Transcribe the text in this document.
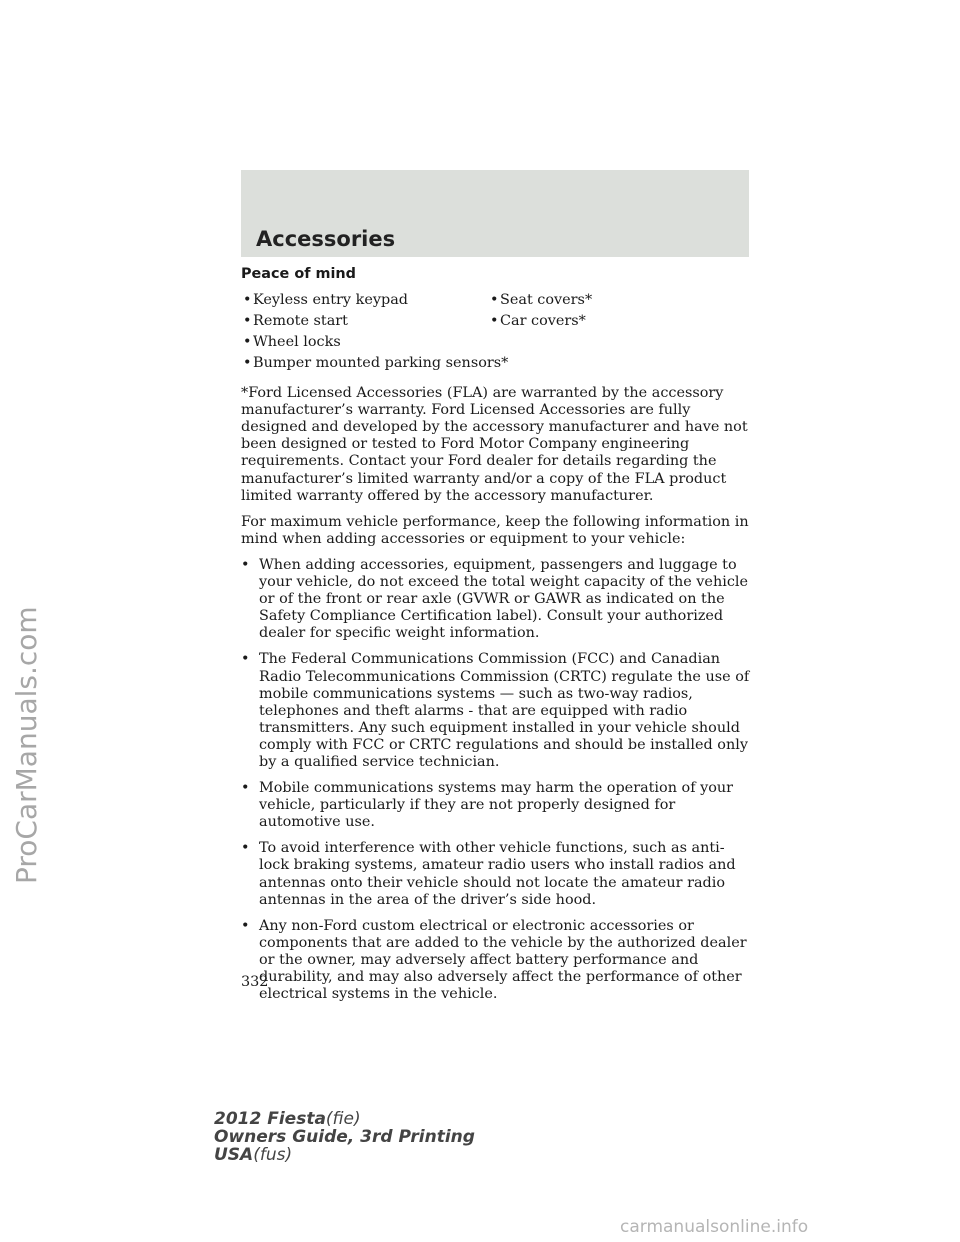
Accessories
Peace of mind
• Keyless entry keypad
• Remote start
• Wheel locks
• Bumper mounted parking sensors*
• Seat covers*
• Car covers*

*Ford Licensed Accessories (FLA) are warranted by the accessory manufacturer’s warranty. Ford Licensed Accessories are fully designed and developed by the accessory manufacturer and have not been designed or tested to Ford Motor Company engineering requirements. Contact your Ford dealer for details regarding the manufacturer’s limited warranty and/or a copy of the FLA product limited warranty offered by the accessory manufacturer.

For maximum vehicle performance, keep the following information in mind when adding accessories or equipment to your vehicle:

• When adding accessories, equipment, passengers and luggage to your vehicle, do not exceed the total weight capacity of the vehicle or of the front or rear axle (GVWR or GAWR as indicated on the Safety Compliance Certification label). Consult your authorized dealer for specific weight information.
• The Federal Communications Commission (FCC) and Canadian Radio Telecommunications Commission (CRTC) regulate the use of mobile communications systems — such as two-way radios, telephones and theft alarms - that are equipped with radio transmitters. Any such equipment installed in your vehicle should comply with FCC or CRTC regulations and should be installed only by a qualified service technician.
• Mobile communications systems may harm the operation of your vehicle, particularly if they are not properly designed for automotive use.
• To avoid interference with other vehicle functions, such as anti-lock braking systems, amateur radio users who install radios and antennas onto their vehicle should not locate the amateur radio antennas in the area of the driver’s side hood.
• Any non-Ford custom electrical or electronic accessories or components that are added to the vehicle by the authorized dealer or the owner, may adversely affect battery performance and durability, and may also adversely affect the performance of other electrical systems in the vehicle.
332
ProCarManuals.com
2012 Fiesta(fie)
Owners Guide, 3rd Printing
USA(fus)
carmanualsonline.info
